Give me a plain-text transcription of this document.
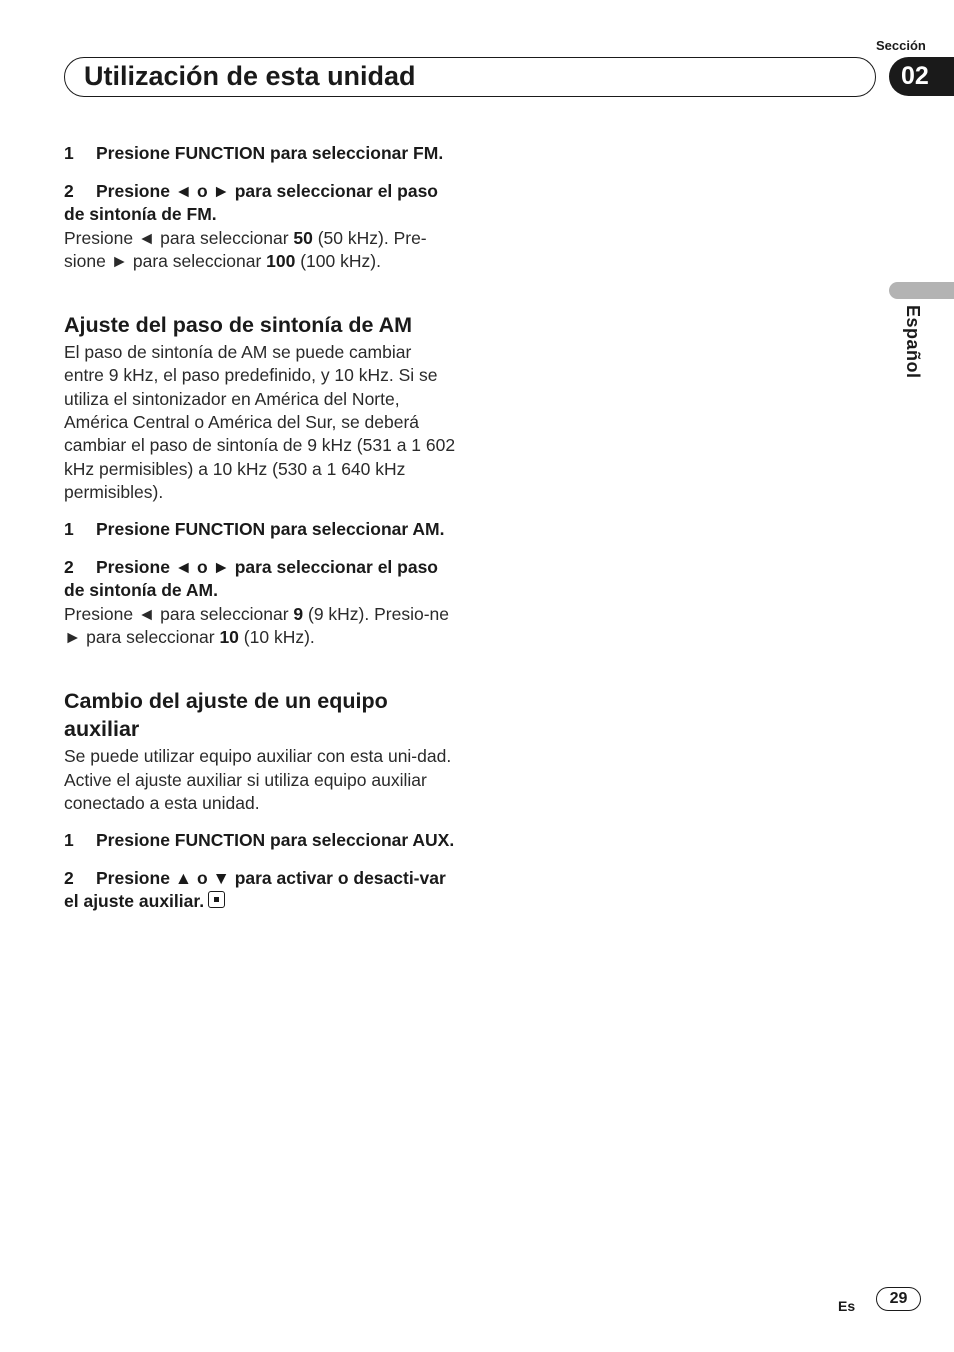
Sección
Utilización de esta unidad	02
Español
1 Presione FUNCTION para seleccionar FM.
2 Presione ◄ o ► para seleccionar el paso de sintonía de FM.

Presione ◄ para seleccionar 50 (50 kHz). Pre-sione ► para seleccionar 100 (100 kHz).

Ajuste del paso de sintonía de AM

El paso de sintonía de AM se puede cambiar entre 9 kHz, el paso predefinido, y 10 kHz. Si se utiliza el sintonizador en América del Norte, América Central o América del Sur, se deberá cambiar el paso de sintonía de 9 kHz (531 a 1 602 kHz permisibles) a 10 kHz (530 a 1 640 kHz permisibles).

1 Presione FUNCTION para seleccionar AM.
2 Presione ◄ o ► para seleccionar el paso de sintonía de AM.

Presione ◄ para seleccionar 9 (9 kHz). Presio-ne ► para seleccionar 10 (10 kHz).

Cambio del ajuste de un equipo auxiliar

Se puede utilizar equipo auxiliar con esta uni-dad. Active el ajuste auxiliar si utiliza equipo auxiliar conectado a esta unidad.

1 Presione FUNCTION para seleccionar AUX.
2 Presione ▲ o ▼ para activar o desacti-var el ajuste auxiliar.
Es	29
